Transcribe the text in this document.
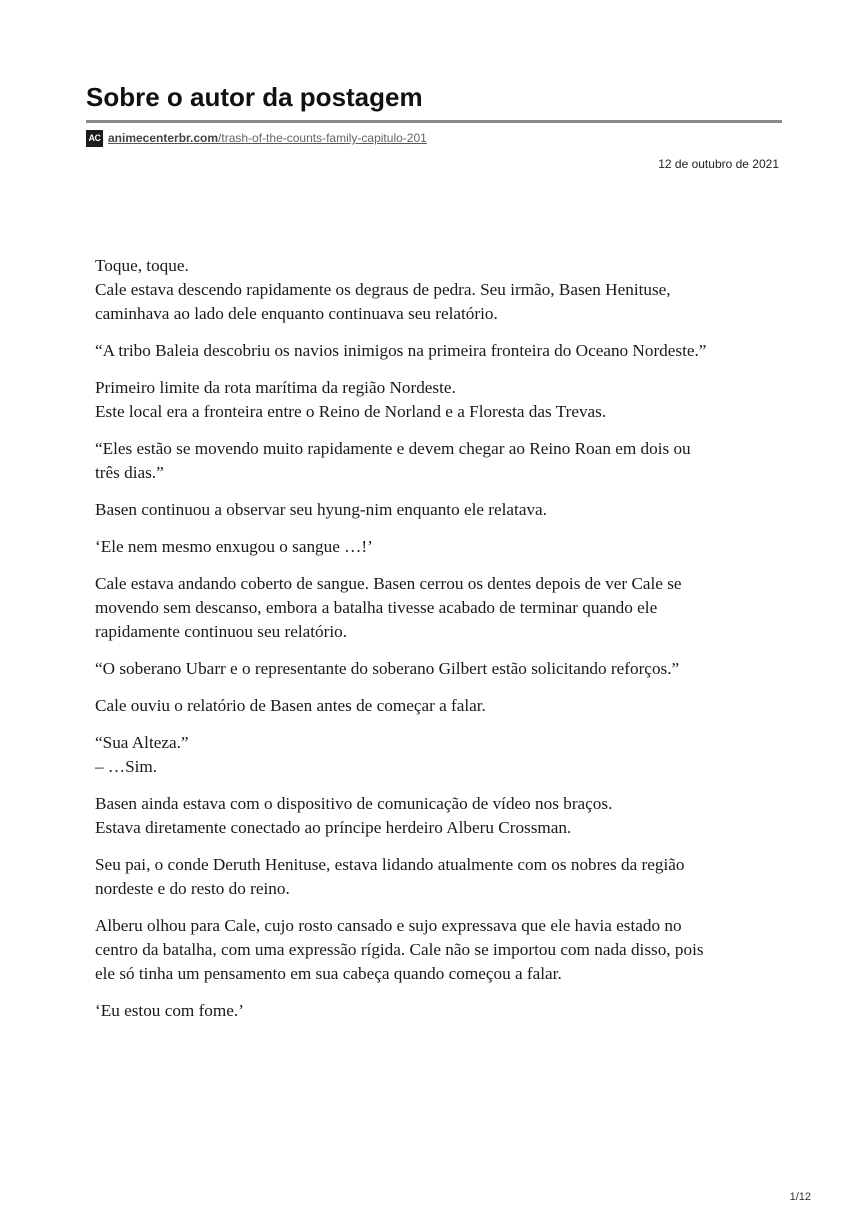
Sobre o autor da postagem
AC animecenterbr.com/trash-of-the-counts-family-capitulo-201
12 de outubro de 2021

Toque, toque.
Cale estava descendo rapidamente os degraus de pedra. Seu irmão, Basen Henituse,
caminhava ao lado dele enquanto continuava seu relatório.

“A tribo Baleia descobriu os navios inimigos na primeira fronteira do Oceano Nordeste.”

Primeiro limite da rota marítima da região Nordeste.
Este local era a fronteira entre o Reino de Norland e a Floresta das Trevas.

“Eles estão se movendo muito rapidamente e devem chegar ao Reino Roan em dois ou
três dias.”

Basen continuou a observar seu hyung-nim enquanto ele relatava.

‘Ele nem mesmo enxugou o sangue …!’

Cale estava andando coberto de sangue. Basen cerrou os dentes depois de ver Cale se
movendo sem descanso, embora a batalha tivesse acabado de terminar quando ele
rapidamente continuou seu relatório.

“O soberano Ubarr e o representante do soberano Gilbert estão solicitando reforços.”

Cale ouviu o relatório de Basen antes de começar a falar.

“Sua Alteza.”
– …Sim.

Basen ainda estava com o dispositivo de comunicação de vídeo nos braços.
Estava diretamente conectado ao príncipe herdeiro Alberu Crossman.

Seu pai, o conde Deruth Henituse, estava lidando atualmente com os nobres da região
nordeste e do resto do reino.

Alberu olhou para Cale, cujo rosto cansado e sujo expressava que ele havia estado no
centro da batalha, com uma expressão rígida. Cale não se importou com nada disso, pois
ele só tinha um pensamento em sua cabeça quando começou a falar.

‘Eu estou com fome.’

1/12
